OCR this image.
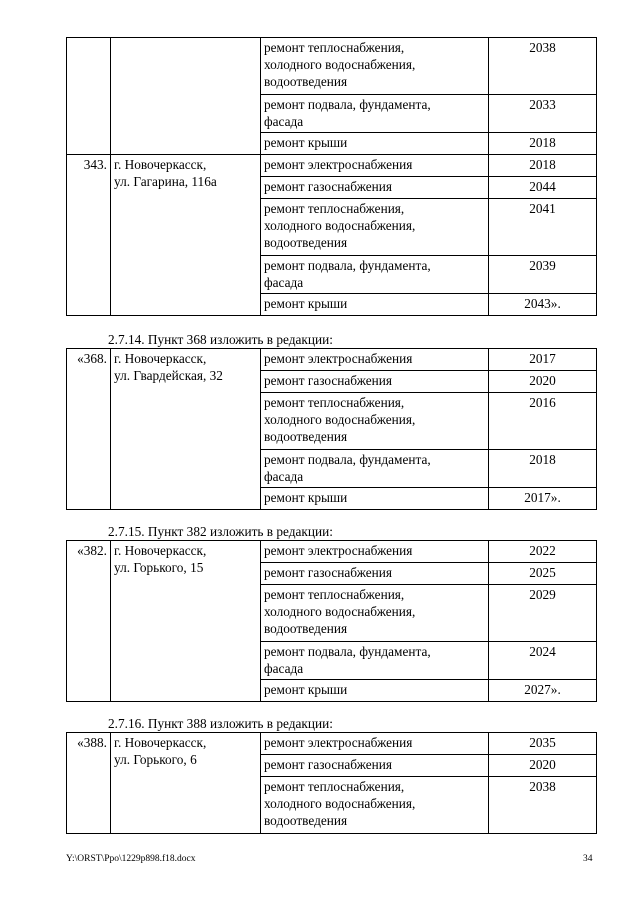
		ремонт теплоснабжения,
холодного водоснабжения,
водоотведения	2038

		ремонт подвала, фундамента,
фасада	2033

		ремонт крыши	2018
343.	г. Новочеркасск,
ул. Гагарина, 116а	ремонт электроснабжения	2018

		ремонт газоснабжения	2044

		ремонт теплоснабжения,
холодного водоснабжения,
водоотведения	2041

		ремонт подвала, фундамента,
фасада	2039

		ремонт крыши	2043».

2.7.14. Пункт 368 изложить в редакции:

«368.	г. Новочеркасск,
ул. Гвардейская, 32	ремонт электроснабжения	2017

		ремонт газоснабжения	2020

		ремонт теплоснабжения,
холодного водоснабжения,
водоотведения	2016

		ремонт подвала, фундамента,
фасада	2018

		ремонт крыши	2017».

2.7.15. Пункт 382 изложить в редакции:

«382.	г. Новочеркасск,
ул. Горького, 15	ремонт электроснабжения	2022

		ремонт газоснабжения	2025

		ремонт теплоснабжения,
холодного водоснабжения,
водоотведения	2029

		ремонт подвала, фундамента,
фасада	2024

		ремонт крыши	2027».

2.7.16. Пункт 388 изложить в редакции:

«388.	г. Новочеркасск,
ул. Горького, 6	ремонт электроснабжения	2035

		ремонт газоснабжения	2020

		ремонт теплоснабжения,
холодного водоснабжения,
водоотведения	2038
Y:\ORST\Ppo\1229p898.f18.docx	34
